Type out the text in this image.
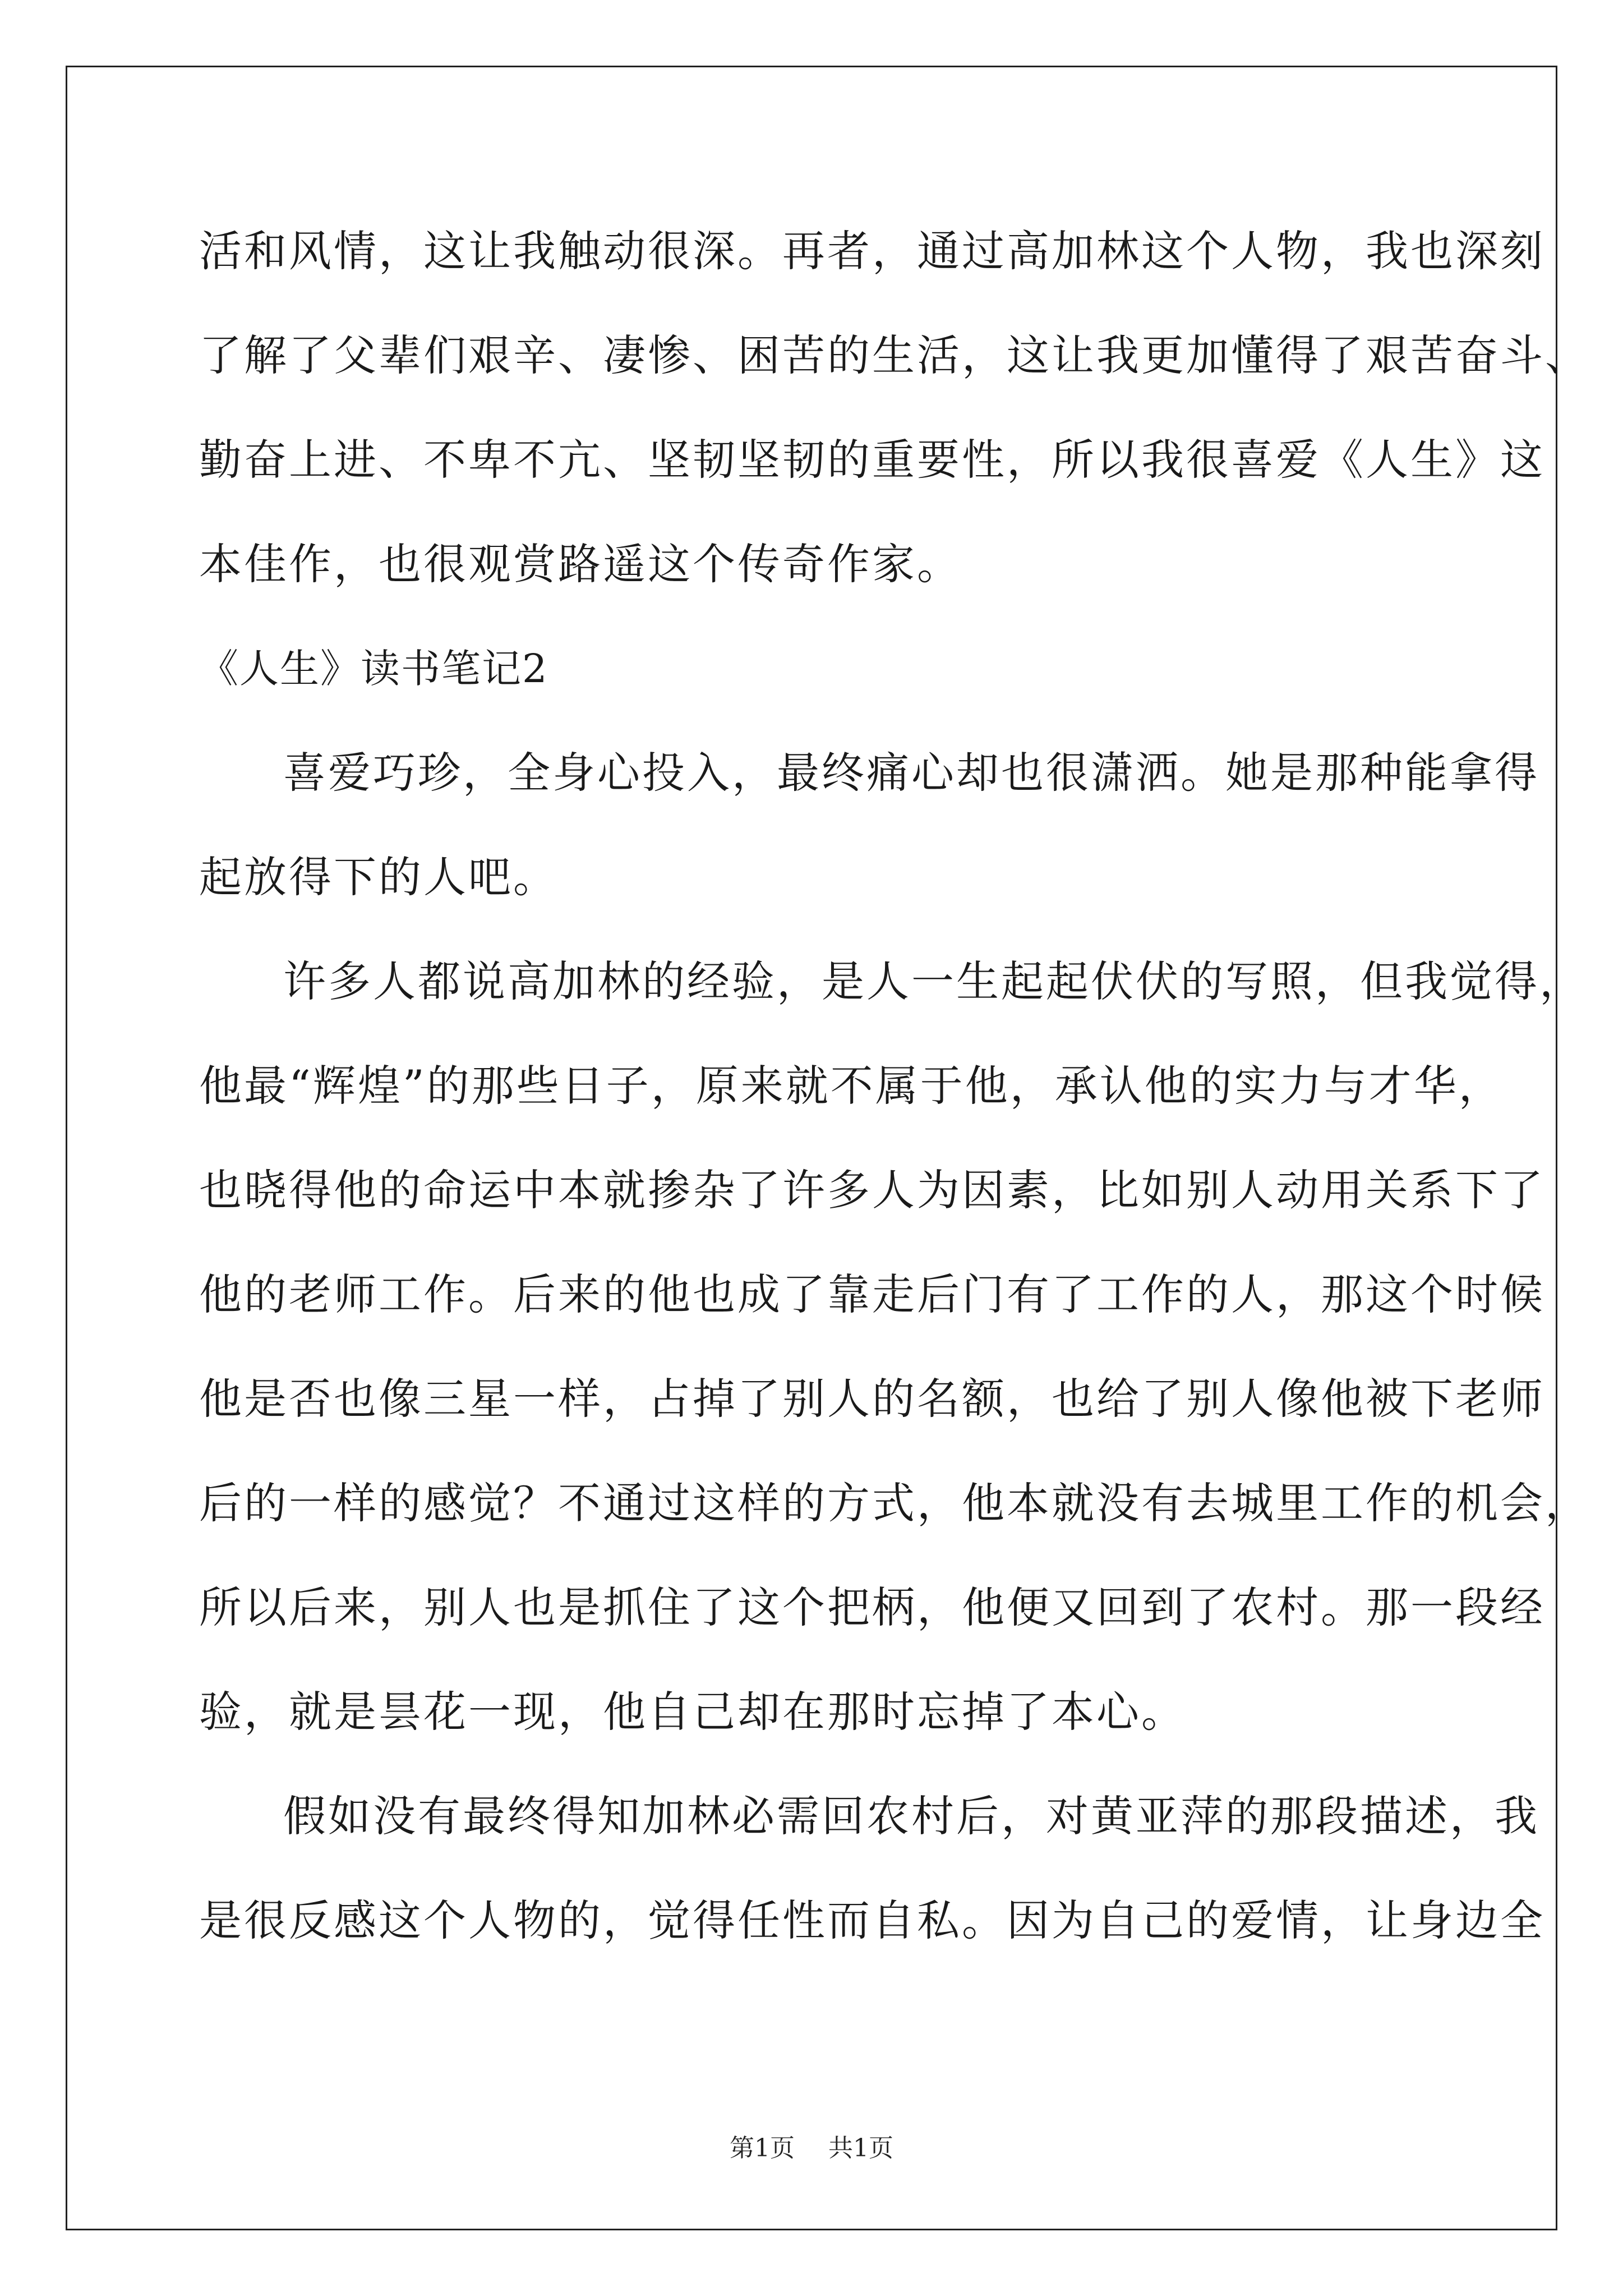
活和风情，这让我触动很深。再者，通过高加林这个人物，我也深刻
了解了父辈们艰辛、凄惨、困苦的生活，这让我更加懂得了艰苦奋斗、
勤奋上进、不卑不亢、坚韧坚韧的重要性，所以我很喜爱《人生》这
本佳作，也很观赏路遥这个传奇作家。
《人生》读书笔记2
喜爱巧珍，全身心投入，最终痛心却也很潇洒。她是那种能拿得
起放得下的人吧。
许多人都说高加林的经验，是人一生起起伏伏的写照，但我觉得，
他最“辉煌”的那些日子，原来就不属于他，承认他的实力与才华，
也晓得他的命运中本就掺杂了许多人为因素，比如别人动用关系下了
他的老师工作。后来的他也成了靠走后门有了工作的人，那这个时候
他是否也像三星一样，占掉了别人的名额，也给了别人像他被下老师
后的一样的感觉？不通过这样的方式，他本就没有去城里工作的机会，
所以后来，别人也是抓住了这个把柄，他便又回到了农村。那一段经
验，就是昙花一现，他自己却在那时忘掉了本心。
假如没有最终得知加林必需回农村后，对黄亚萍的那段描述，我
是很反感这个人物的，觉得任性而自私。因为自己的爱情，让身边全
第1页 共1页
